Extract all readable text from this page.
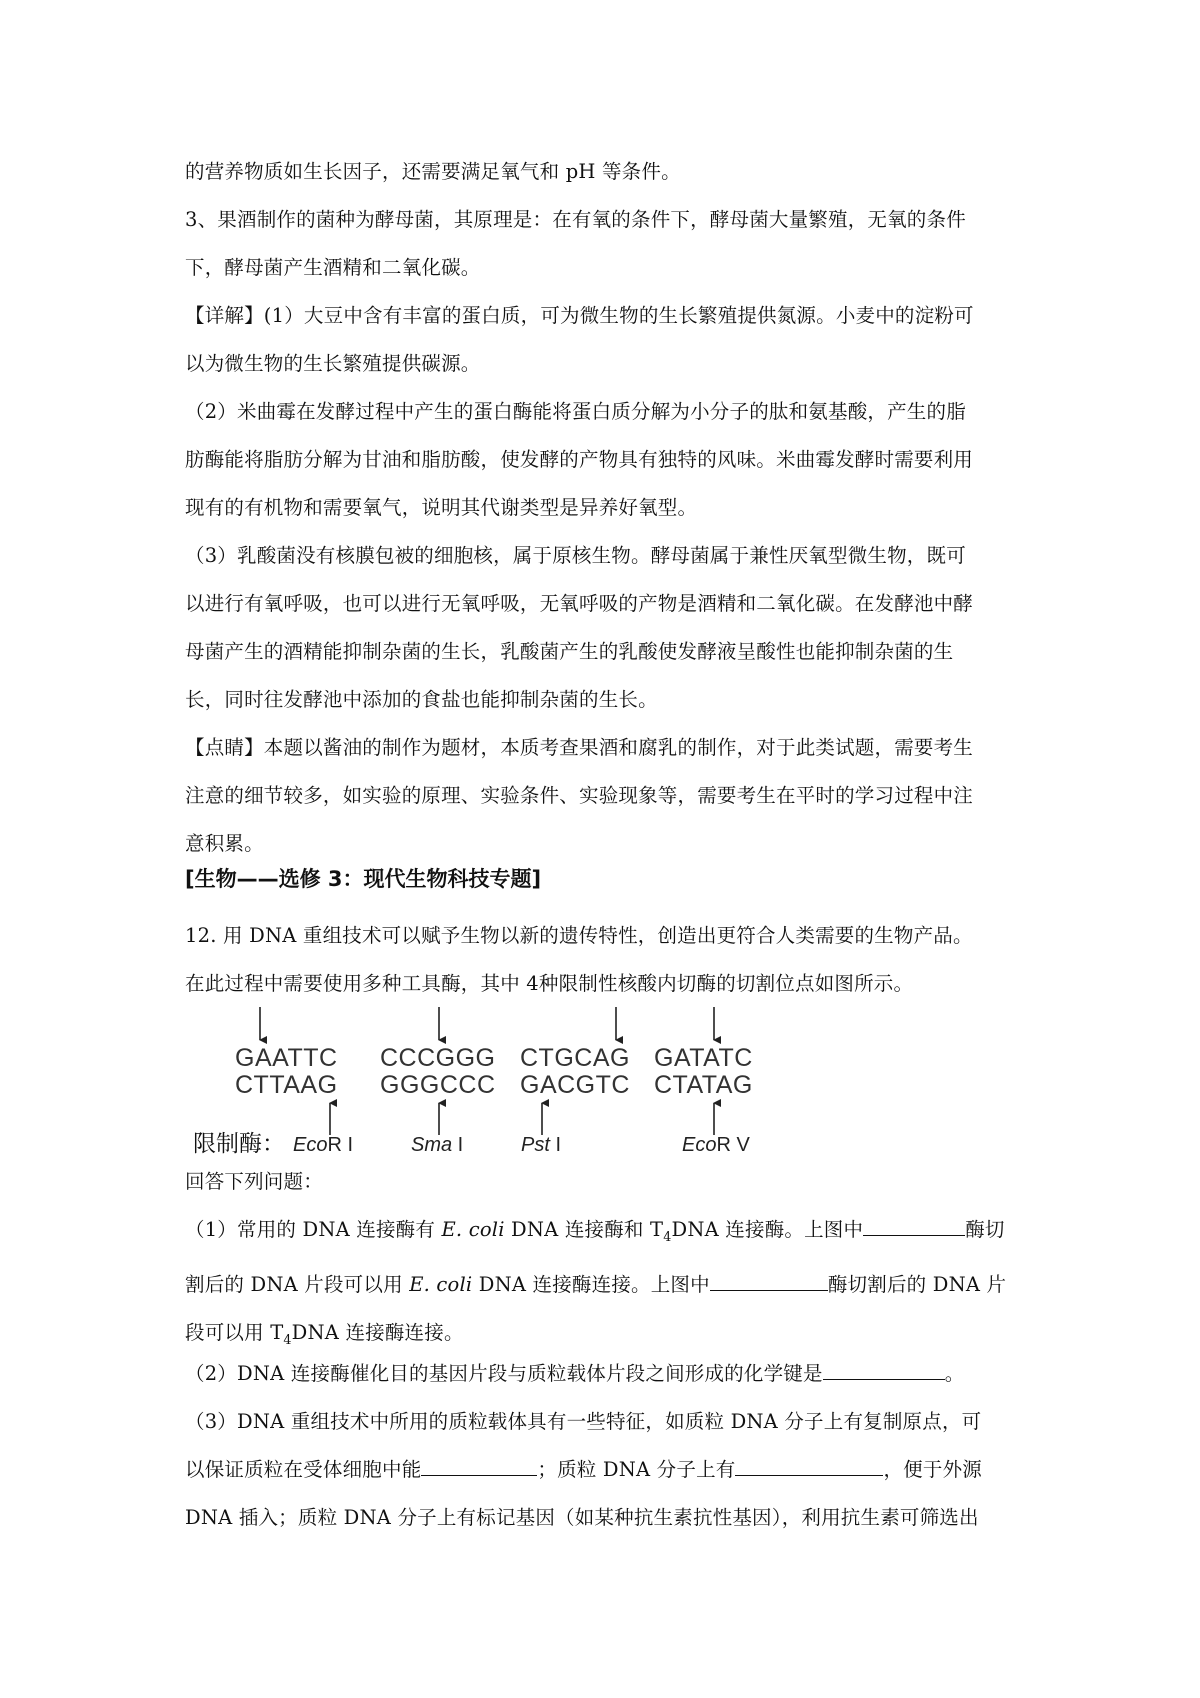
的营养物质如生长因子，还需要满足氧气和 pH 等条件。
3、果酒制作的菌种为酵母菌，其原理是：在有氧的条件下，酵母菌大量繁殖，无氧的条件
下，酵母菌产生酒精和二氧化碳。
【详解】(1）大豆中含有丰富的蛋白质，可为微生物的生长繁殖提供氮源。小麦中的淀粉可
以为微生物的生长繁殖提供碳源。
（2）米曲霉在发酵过程中产生的蛋白酶能将蛋白质分解为小分子的肽和氨基酸，产生的脂
肪酶能将脂肪分解为甘油和脂肪酸，使发酵的产物具有独特的风味。米曲霉发酵时需要利用
现有的有机物和需要氧气，说明其代谢类型是异养好氧型。
（3）乳酸菌没有核膜包被的细胞核，属于原核生物。酵母菌属于兼性厌氧型微生物，既可
以进行有氧呼吸，也可以进行无氧呼吸，无氧呼吸的产物是酒精和二氧化碳。在发酵池中酵
母菌产生的酒精能抑制杂菌的生长，乳酸菌产生的乳酸使发酵液呈酸性也能抑制杂菌的生
长，同时往发酵池中添加的食盐也能抑制杂菌的生长。
【点睛】本题以酱油的制作为题材，本质考查果酒和腐乳的制作，对于此类试题，需要考生
注意的细节较多，如实验的原理、实验条件、实验现象等，需要考生在平时的学习过程中注
意积累。
[生物——选修 3：现代生物科技专题]
12. 用 DNA 重组技术可以赋予生物以新的遗传特性，创造出更符合人类需要的生物产品。
在此过程中需要使用多种工具酶，其中 4种限制性核酸内切酶的切割位点如图所示。
GAATTC CCCGGG CTGCAG GATATC
CTTAAG GGGCCC GACGTC CTATAG
限制酶： EcoR I	Sma I	Pst I	EcoR V
回答下列问题：
（1）常用的 DNA 连接酶有 E. coli DNA 连接酶和 $T_4DNA$ 连接酶。上图中	酶切
割后的 DNA 片段可以用 E. coli DNA 连接酶连接。上图中	酶切割后的 DNA 片
段可以用 $T_4DNA$ 连接酶连接。
（2）DNA 连接酶催化目的基因片段与质粒载体片段之间形成的化学键是	。
（3）DNA 重组技术中所用的质粒载体具有一些特征，如质粒 DNA 分子上有复制原点，可
以保证质粒在受体细胞中能	；质粒 DNA 分子上有	，便于外源
DNA 插入；质粒 DNA 分子上有标记基因（如某种抗生素抗性基因），利用抗生素可筛选出
